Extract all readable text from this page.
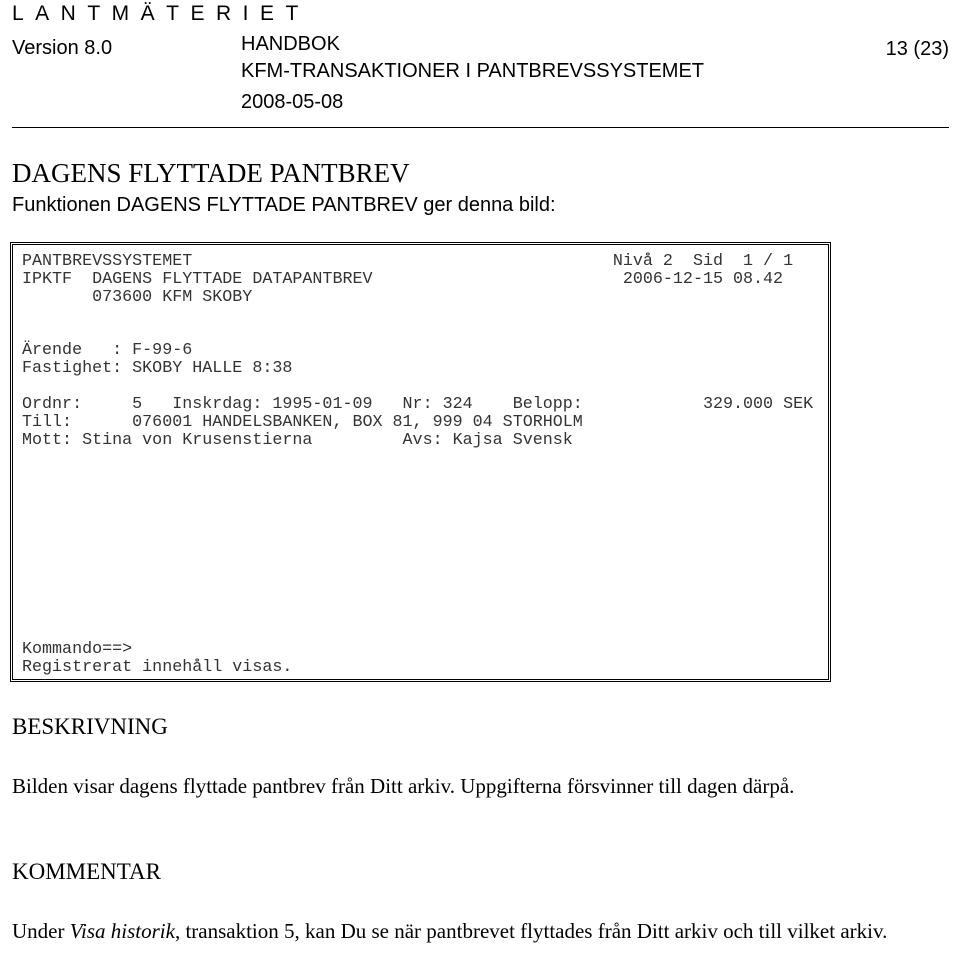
LANTMÄTERIET
Version 8.0	HANDBOK
KFM-TRANSAKTIONER I PANTBREVSSYSTEMET
2008-05-08
13 (23)
DAGENS FLYTTADE PANTBREV
Funktionen DAGENS FLYTTADE PANTBREV ger denna bild:
PANTBREVSSYSTEMET                                          Nivå 2  Sid  1 / 1
IPKTF  DAGENS FLYTTADE DATAPANTBREV                         2006-12-15 08.42
073600 KFM SKOBY
Ärende   : F-99-6
Fastighet: SKOBY HALLE 8:38
Ordnr:     5   Inskrdag: 1995-01-09   Nr: 324    Belopp:            329.000 SEK
Till:      076001 HANDELSBANKEN, BOX 81, 999 04 STORHOLM
Mott: Stina von Krusenstierna         Avs: Kajsa Svensk
Kommando==>
Registrerat innehåll visas.
BESKRIVNING
Bilden visar dagens flyttade pantbrev från Ditt arkiv. Uppgifterna försvinner till dagen därpå.
KOMMENTAR
Under Visa historik, transaktion 5, kan Du se när pantbrevet flyttades från Ditt arkiv och till vilket arkiv.
